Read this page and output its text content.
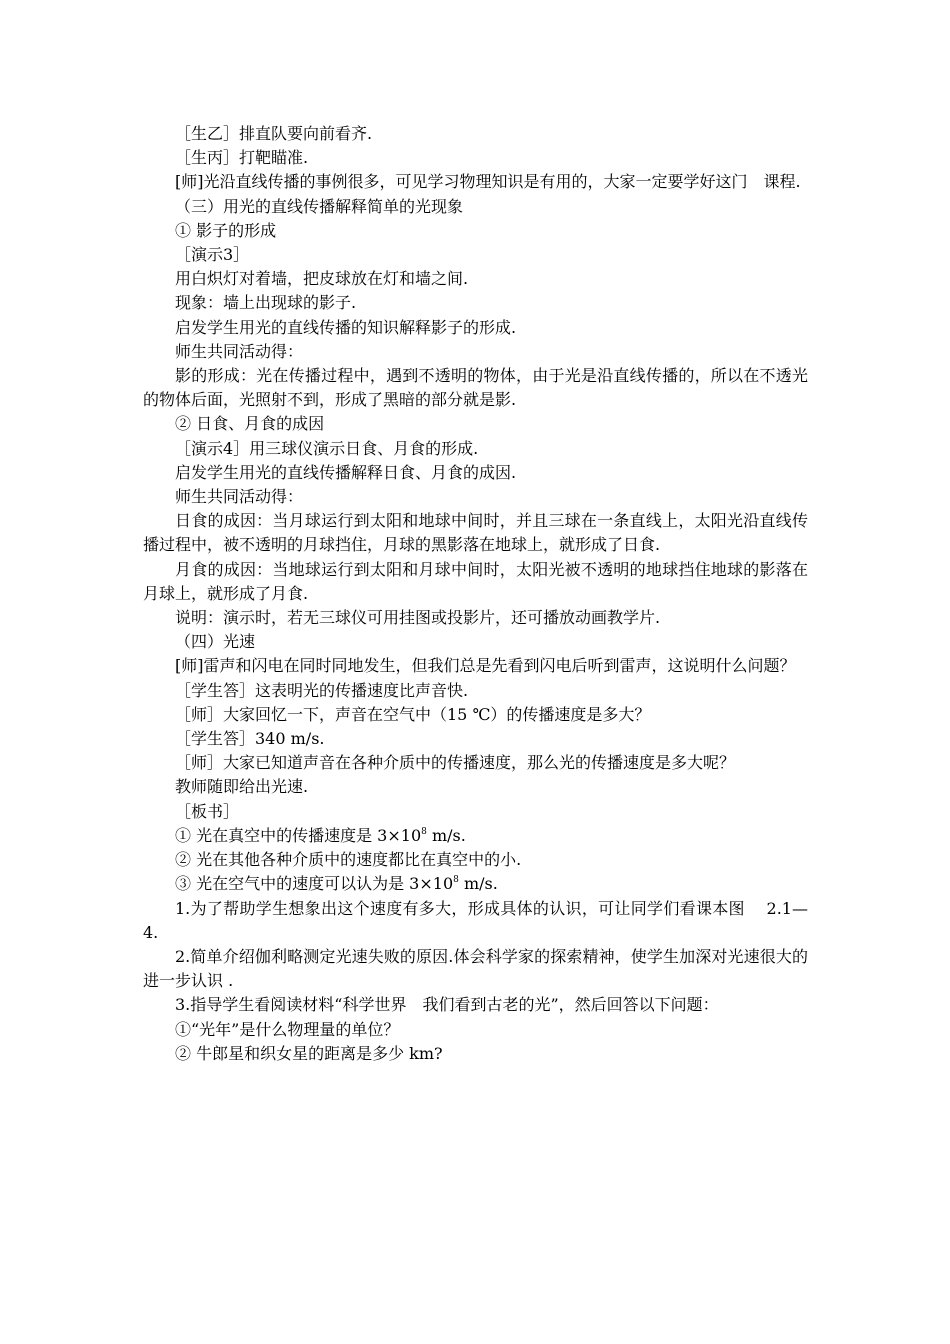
［生乙］排直队要向前看齐.

［生丙］打靶瞄准.

[师]光沿直线传播的事例很多，可见学习物理知识是有用的，大家一定要学好这门　课程.

（三）用光的直线传播解释简单的光现象

① 影子的形成

［演示3］

用白炽灯对着墙，把皮球放在灯和墙之间.

现象：墙上出现球的影子.

启发学生用光的直线传播的知识解释影子的形成.

师生共同活动得：

影的形成：光在传播过程中，遇到不透明的物体，由于光是沿直线传播的，所以在不透光的物体后面，光照射不到，形成了黑暗的部分就是影.

② 日食、月食的成因

［演示4］用三球仪演示日食、月食的形成.

启发学生用光的直线传播解释日食、月食的成因.

师生共同活动得：

日食的成因：当月球运行到太阳和地球中间时，并且三球在一条直线上，太阳光沿直线传播过程中，被不透明的月球挡住，月球的黑影落在地球上，就形成了日食.

月食的成因：当地球运行到太阳和月球中间时，太阳光被不透明的地球挡住地球的影落在月球上，就形成了月食.

说明：演示时，若无三球仪可用挂图或投影片，还可播放动画教学片.

（四）光速

[师]雷声和闪电在同时同地发生，但我们总是先看到闪电后听到雷声，这说明什么问题？

［学生答］这表明光的传播速度比声音快.

［师］大家回忆一下，声音在空气中（15 ℃）的传播速度是多大？

［学生答］340 m/s.

［师］大家已知道声音在各种介质中的传播速度，那么光的传播速度是多大呢？

教师随即给出光速.

［板书］

① 光在真空中的传播速度是 $3\times 10^8$ m/s.

② 光在其他各种介质中的速度都比在真空中的小.

③ 光在空气中的速度可以认为是 $3\times 10^8$ m/s.

1.为了帮助学生想象出这个速度有多大，形成具体的认识，可让同学们看课本图　 2.1—4.

2.简单介绍伽利略测定光速失败的原因.体会科学家的探索精神，使学生加深对光速很大的进一步认识 .

3.指导学生看阅读材料“科学世界　我们看到古老的光”，然后回答以下问题：

①“光年”是什么物理量的单位？

② 牛郎星和织女星的距离是多少 km?
